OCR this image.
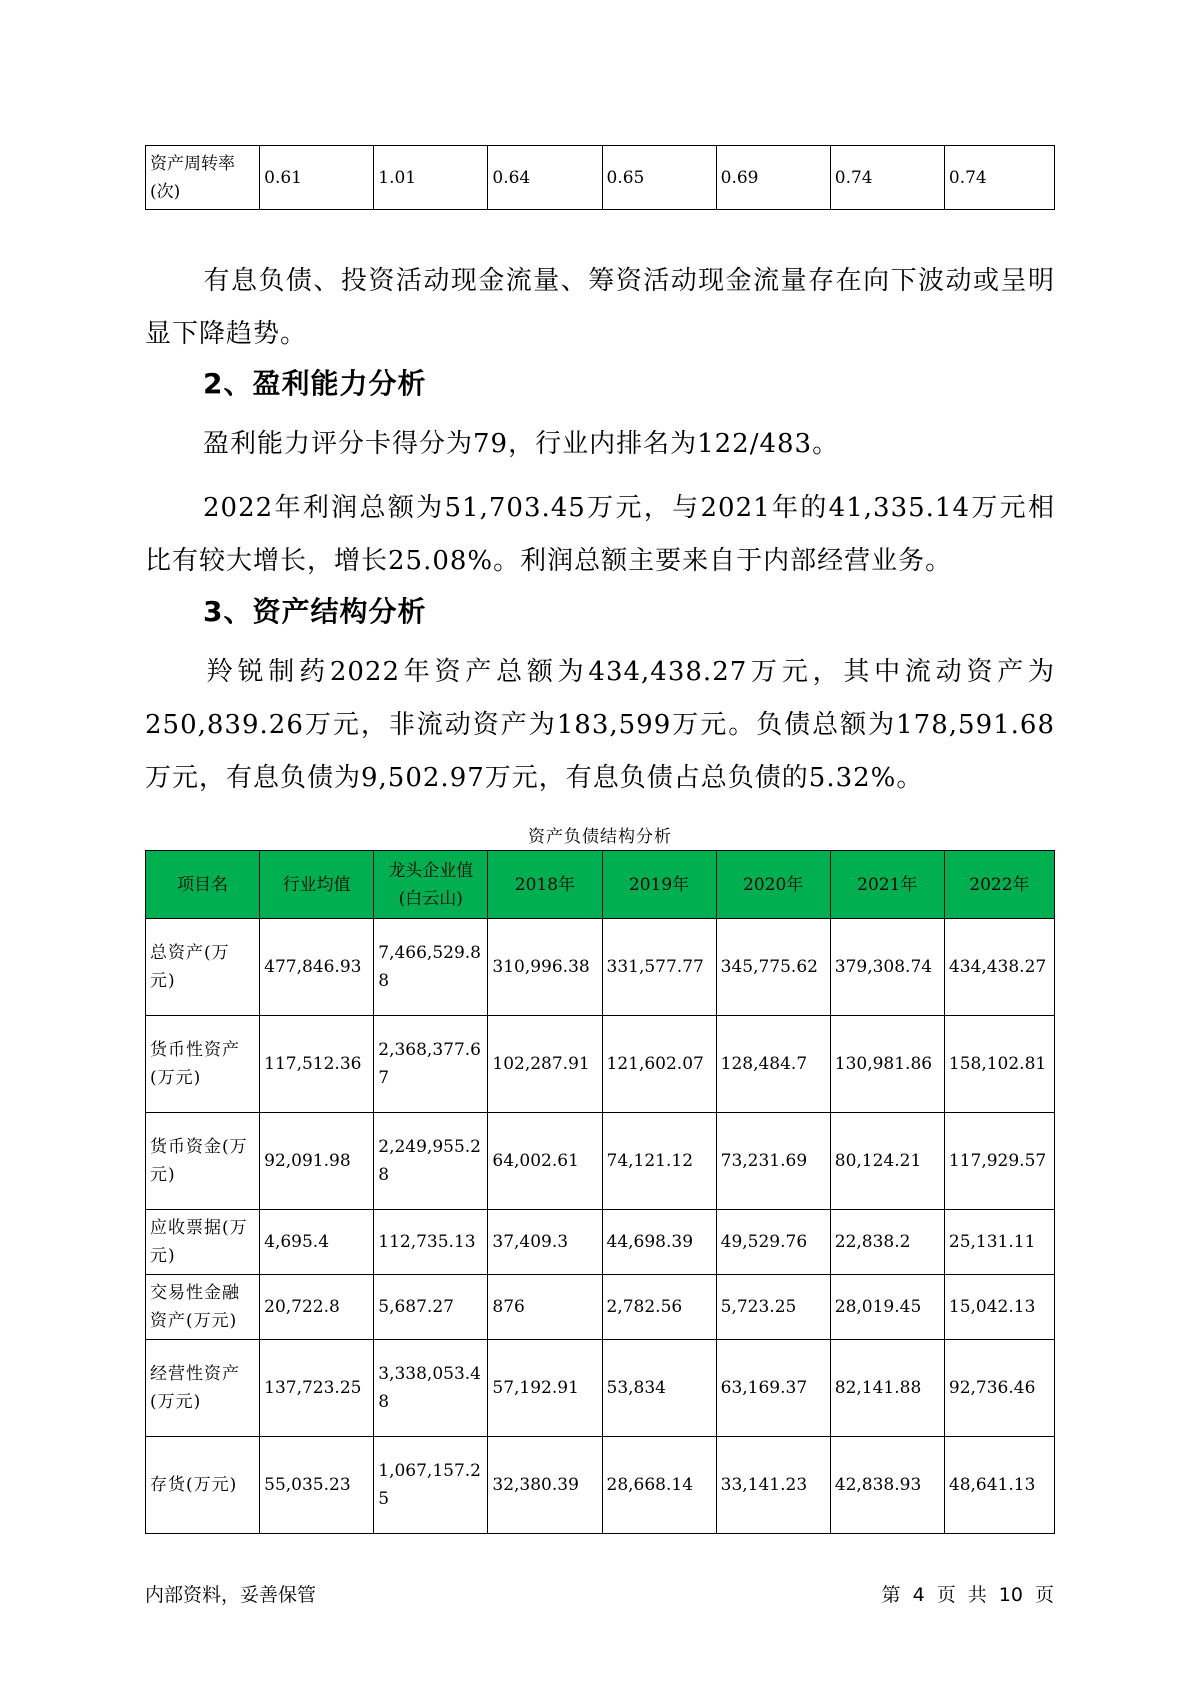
资产周转率(次)	0.61	1.01	0.64	0.65	0.69	0.74	0.74
有息负债、投资活动现金流量、筹资活动现金流量存在向下波动或呈明显下降趋势。
2、盈利能力分析
盈利能力评分卡得分为79，行业内排名为122/483。
2022年利润总额为51,703.45万元，与2021年的41,335.14万元相比有较大增长，增长25.08%。利润总额主要来自于内部经营业务。
3、资产结构分析
羚锐制药2022年资产总额为434,438.27万元，其中流动资产为250,839.26万元，非流动资产为183,599万元。负债总额为178,591.68万元，有息负债为9,502.97万元，有息负债占总负债的5.32%。
资产负债结构分析
项目名	行业均值	龙头企业值(白云山)	2018年	2019年	2020年	2021年	2022年
总资产(万元)	477,846.93	7,466,529.88	310,996.38	331,577.77	345,775.62	379,308.74	434,438.27
货币性资产(万元)	117,512.36	2,368,377.67	102,287.91	121,602.07	128,484.7	130,981.86	158,102.81
货币资金(万元)	92,091.98	2,249,955.28	64,002.61	74,121.12	73,231.69	80,124.21	117,929.57
应收票据(万元)	4,695.4	112,735.13	37,409.3	44,698.39	49,529.76	22,838.2	25,131.11
交易性金融资产(万元)	20,722.8	5,687.27	876	2,782.56	5,723.25	28,019.45	15,042.13
经营性资产(万元)	137,723.25	3,338,053.48	57,192.91	53,834	63,169.37	82,141.88	92,736.46
存货(万元)	55,035.23	1,067,157.25	32,380.39	28,668.14	33,141.23	42,838.93	48,641.13
内部资料，妥善保管	第 4 页 共 10 页
